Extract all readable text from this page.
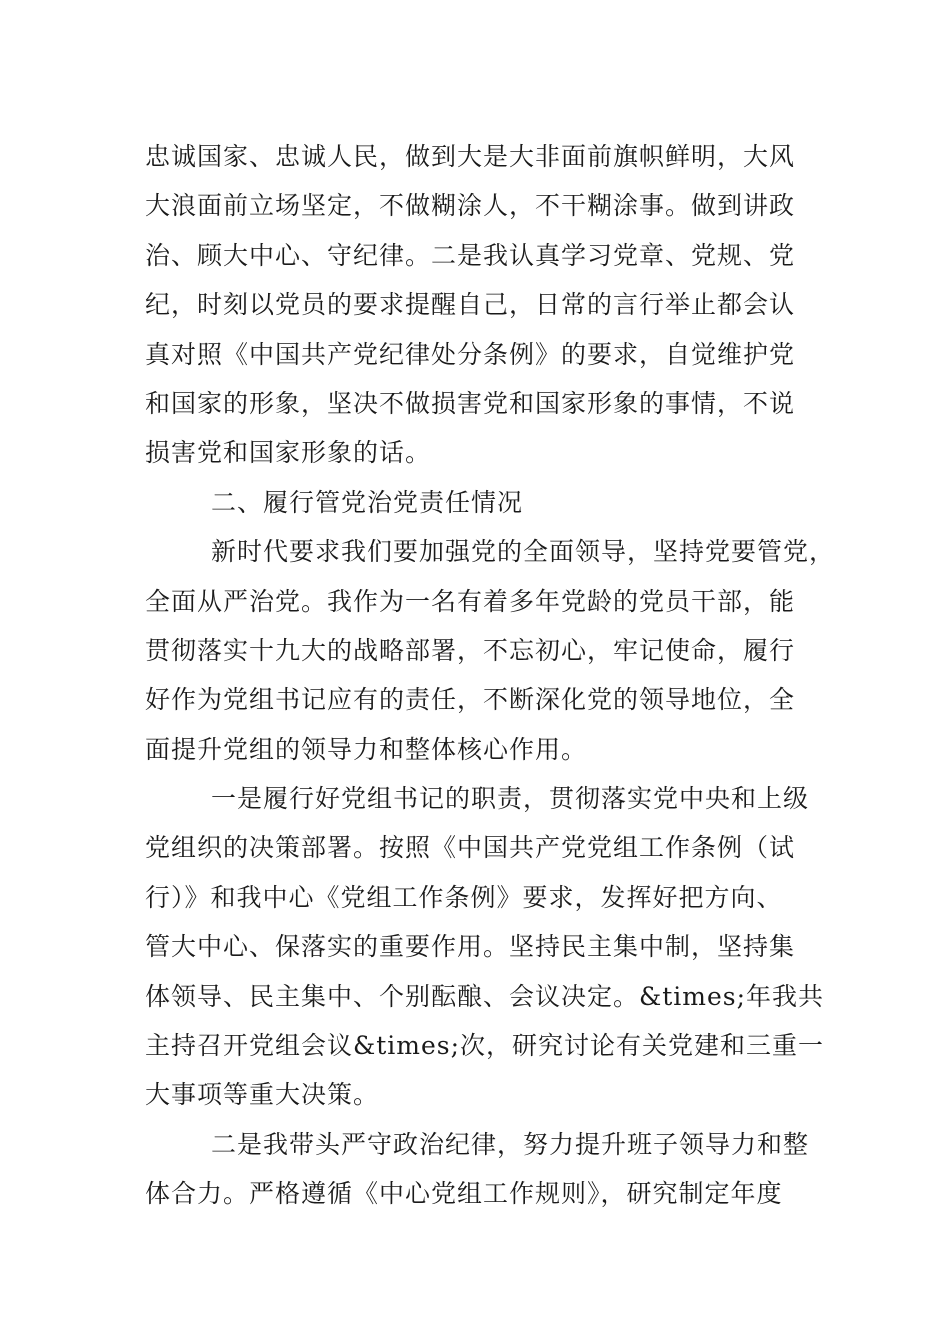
忠诚国家、忠诚人民，做到大是大非面前旗帜鲜明，大风
大浪面前立场坚定，不做糊涂人，不干糊涂事。做到讲政
治、顾大中心、守纪律。二是我认真学习党章、党规、党
纪，时刻以党员的要求提醒自己，日常的言行举止都会认
真对照《中国共产党纪律处分条例》的要求，自觉维护党
和国家的形象，坚决不做损害党和国家形象的事情，不说
损害党和国家形象的话。
二、履行管党治党责任情况
新时代要求我们要加强党的全面领导，坚持党要管党，
全面从严治党。我作为一名有着多年党龄的党员干部，能
贯彻落实十九大的战略部署，不忘初心，牢记使命，履行
好作为党组书记应有的责任，不断深化党的领导地位，全
面提升党组的领导力和整体核心作用。
一是履行好党组书记的职责，贯彻落实党中央和上级
党组织的决策部署。按照《中国共产党党组工作条例（试
行）》和我中心《党组工作条例》要求，发挥好把方向、
管大中心、保落实的重要作用。坚持民主集中制，坚持集
体领导、民主集中、个别酝酿、会议决定。&times;年我共
主持召开党组会议&times;次，研究讨论有关党建和三重一
大事项等重大决策。
二是我带头严守政治纪律，努力提升班子领导力和整
体合力。严格遵循《中心党组工作规则》，研究制定年度
